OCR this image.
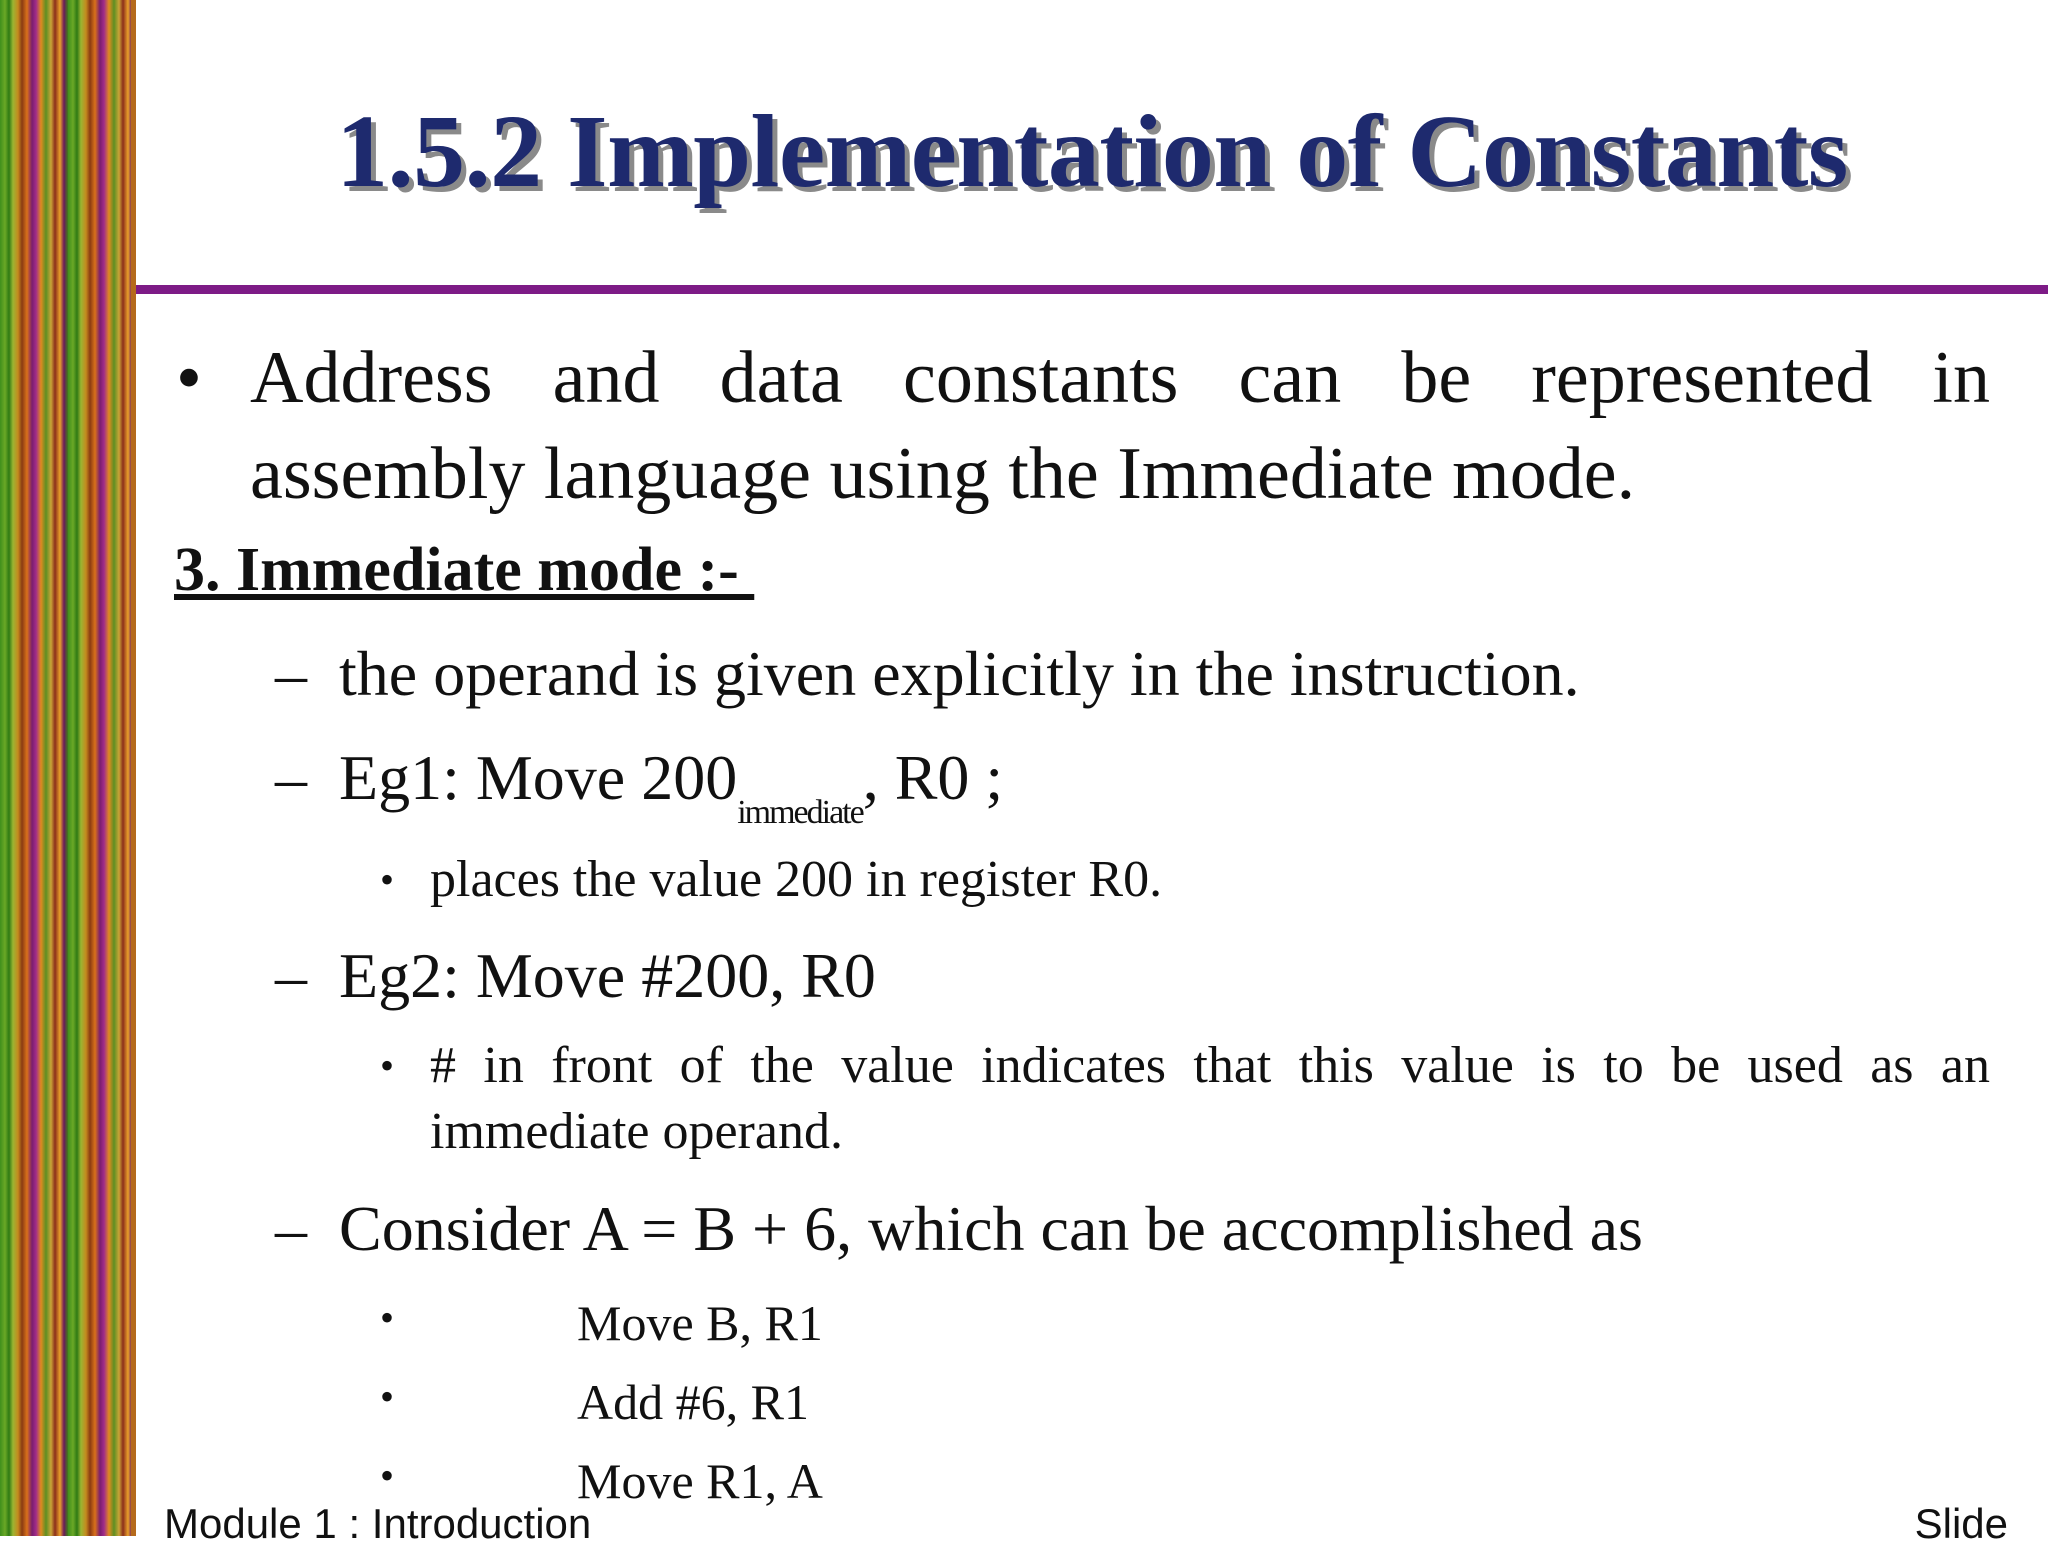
1.5.2 Implementation of Constants
• Address and data constants can be represented in assembly language using the Immediate mode.
3. Immediate mode :-
– the operand is given explicitly in the instruction.
– Eg1: Move $200_{immediate}$, R0 ;
• places the value 200 in register R0.
– Eg2: Move #200, R0
• # in front of the value indicates that this value is to be used as an immediate operand.
– Consider A = B + 6, which can be accomplished as
•	Move B, R1
•	Add #6, R1
•	Move R1, A
Module 1 : Introduction	Slide
